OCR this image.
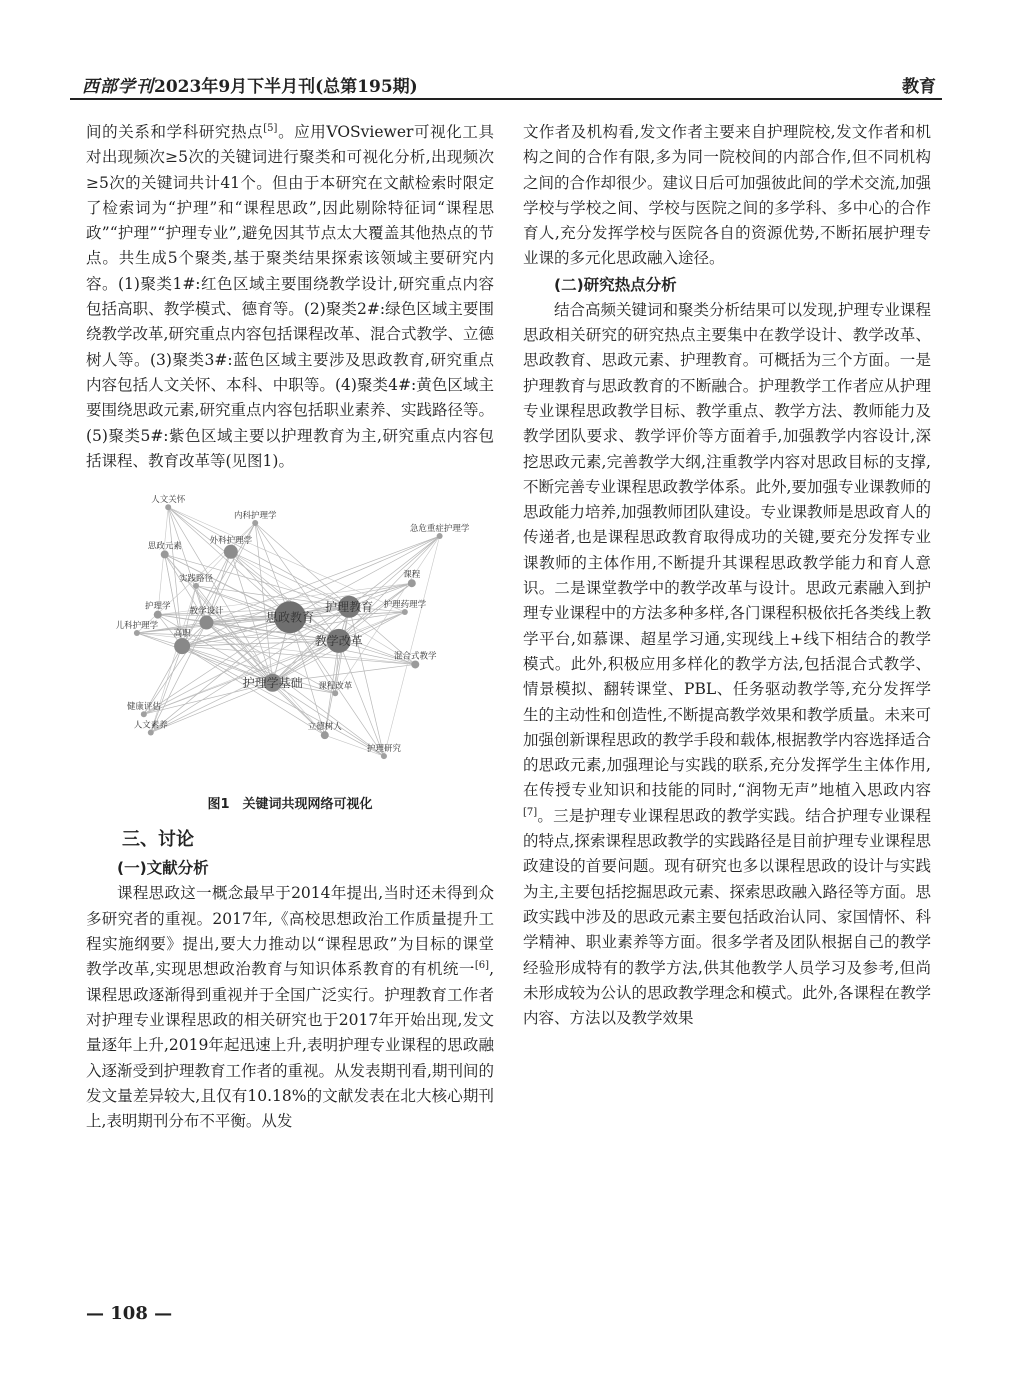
西部学刊2023年9月下半月刊(总第195期)	教育

间的关系和学科研究热点[5]。应用VOSviewer可视化工具对出现频次≥5次的关键词进行聚类和可视化分析,出现频次≥5次的关键词共计41个。但由于本研究在文献检索时限定了检索词为“护理”和“课程思政”,因此剔除特征词“课程思政”“护理”“护理专业”,避免因其节点太大覆盖其他热点的节点。共生成5个聚类,基于聚类结果探索该领域主要研究内容。(1)聚类1#:红色区域主要围绕教学设计,研究重点内容包括高职、教学模式、德育等。(2)聚类2#:绿色区域主要围绕教学改革,研究重点内容包括课程改革、混合式教学、立德树人等。(3)聚类3#:蓝色区域主要涉及思政教育,研究重点内容包括人文关怀、本科、中职等。(4)聚类4#:黄色区域主要围绕思政元素,研究重点内容包括职业素养、实践路径等。(5)聚类5#:紫色区域主要以护理教育为主,研究重点内容包括课程、教育改革等(见图1)。

思政教育
护理教育
教学改革
教学设计
高职
护理学基础
外科护理学
思政元素
课程
混合式教学
立德树人
护理学
儿科护理学
护理研究
人文关怀
内科护理学
急危重症护理学
护理药理学
实践路径
课程改革
健康评估
人文素养
图1　关键词共现网络可视化
三、讨论
(一)文献分析

课程思政这一概念最早于2014年提出,当时还未得到众多研究者的重视。2017年,《高校思想政治工作质量提升工程实施纲要》提出,要大力推动以“课程思政”为目标的课堂教学改革,实现思想政治教育与知识体系教育的有机统一[6],课程思政逐渐得到重视并于全国广泛实行。护理教育工作者对护理专业课程思政的相关研究也于2017年开始出现,发文量逐年上升,2019年起迅速上升,表明护理专业课程的思政融入逐渐受到护理教育工作者的重视。从发表期刊看,期刊间的发文量差异较大,且仅有10.18%的文献发表在北大核心期刊上,表明期刊分布不平衡。从发

文作者及机构看,发文作者主要来自护理院校,发文作者和机构之间的合作有限,多为同一院校间的内部合作,但不同机构之间的合作却很少。建议日后可加强彼此间的学术交流,加强学校与学校之间、学校与医院之间的多学科、多中心的合作育人,充分发挥学校与医院各自的资源优势,不断拓展护理专业课的多元化思政融入途径。

(二)研究热点分析

结合高频关键词和聚类分析结果可以发现,护理专业课程思政相关研究的研究热点主要集中在教学设计、教学改革、思政教育、思政元素、护理教育。可概括为三个方面。一是护理教育与思政教育的不断融合。护理教学工作者应从护理专业课程思政教学目标、教学重点、教学方法、教师能力及教学团队要求、教学评价等方面着手,加强教学内容设计,深挖思政元素,完善教学大纲,注重教学内容对思政目标的支撑,不断完善专业课程思政教学体系。此外,要加强专业课教师的思政能力培养,加强教师团队建设。专业课教师是思政育人的传递者,也是课程思政教育取得成功的关键,要充分发挥专业课教师的主体作用,不断提升其课程思政教学能力和育人意识。二是课堂教学中的教学改革与设计。思政元素融入到护理专业课程中的方法多种多样,各门课程积极依托各类线上教学平台,如慕课、超星学习通,实现线上+线下相结合的教学模式。此外,积极应用多样化的教学方法,包括混合式教学、情景模拟、翻转课堂、PBL、任务驱动教学等,充分发挥学生的主动性和创造性,不断提高教学效果和教学质量。未来可加强创新课程思政的教学手段和载体,根据教学内容选择适合的思政元素,加强理论与实践的联系,充分发挥学生主体作用,在传授专业知识和技能的同时,“润物无声”地植入思政内容[7]。三是护理专业课程思政的教学实践。结合护理专业课程的特点,探索课程思政教学的实践路径是目前护理专业课程思政建设的首要问题。现有研究也多以课程思政的设计与实践为主,主要包括挖掘思政元素、探索思政融入路径等方面。思政实践中涉及的思政元素主要包括政治认同、家国情怀、科学精神、职业素养等方面。很多学者及团队根据自己的教学经验形成特有的教学方法,供其他教学人员学习及参考,但尚未形成较为公认的思政教学理念和模式。此外,各课程在教学内容、方法以及教学效果

— 108 —
